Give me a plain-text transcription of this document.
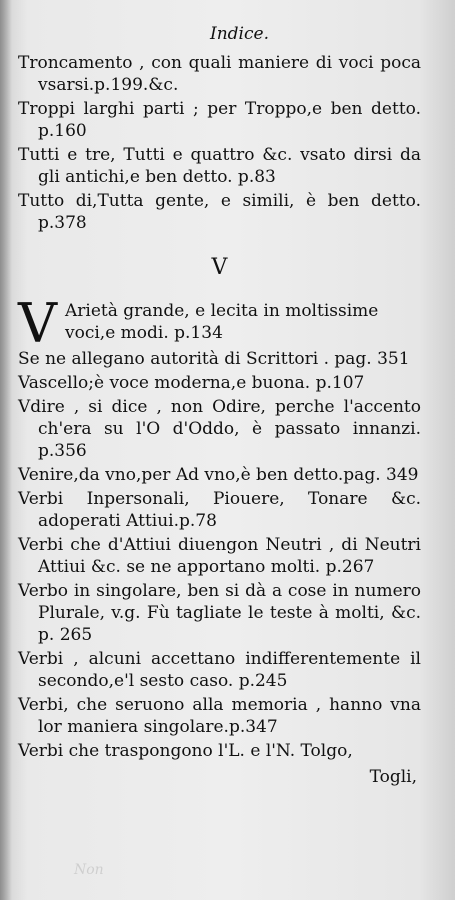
Indice.

Troncamento , con quali maniere di voci poca vsarsi.p.199.&c.

Troppi larghi parti ; per Troppo,e ben detto. p.160

Tutti e tre, Tutti e quattro &c. vsato dirsi da gli antichi,e ben detto. p.83

Tutto di,Tutta gente, e simili, è ben detto. p.378

V
V Arietà grande, e lecita in moltissime voci,e modi. p.134

Se ne allegano autorità di Scrittori . pag. 351

Vascello;è voce moderna,e buona. p.107

Vdire , si dice , non Odire, perche l'accento ch'era su l'O d'Oddo, è passato innanzi. p.356

Venire,da vno,per Ad vno,è ben detto.pag. 349

Verbi Inpersonali, Piouere, Tonare &c. adoperati Attiui.p.78

Verbi che d'Attiui diuengon Neutri , di Neutri Attiui &c. se ne apportano molti. p.267

Verbo in singolare, ben si dà a cose in numero Plurale, v.g. Fù tagliate le teste à molti, &c. p. 265

Verbi , alcuni accettano indifferentemente il secondo,e'l sesto caso. p.245

Verbi, che seruono alla memoria , hanno vna lor maniera singolare.p.347

Verbi che traspongono l'L. e l'N. Tolgo,

Togli,
Non
